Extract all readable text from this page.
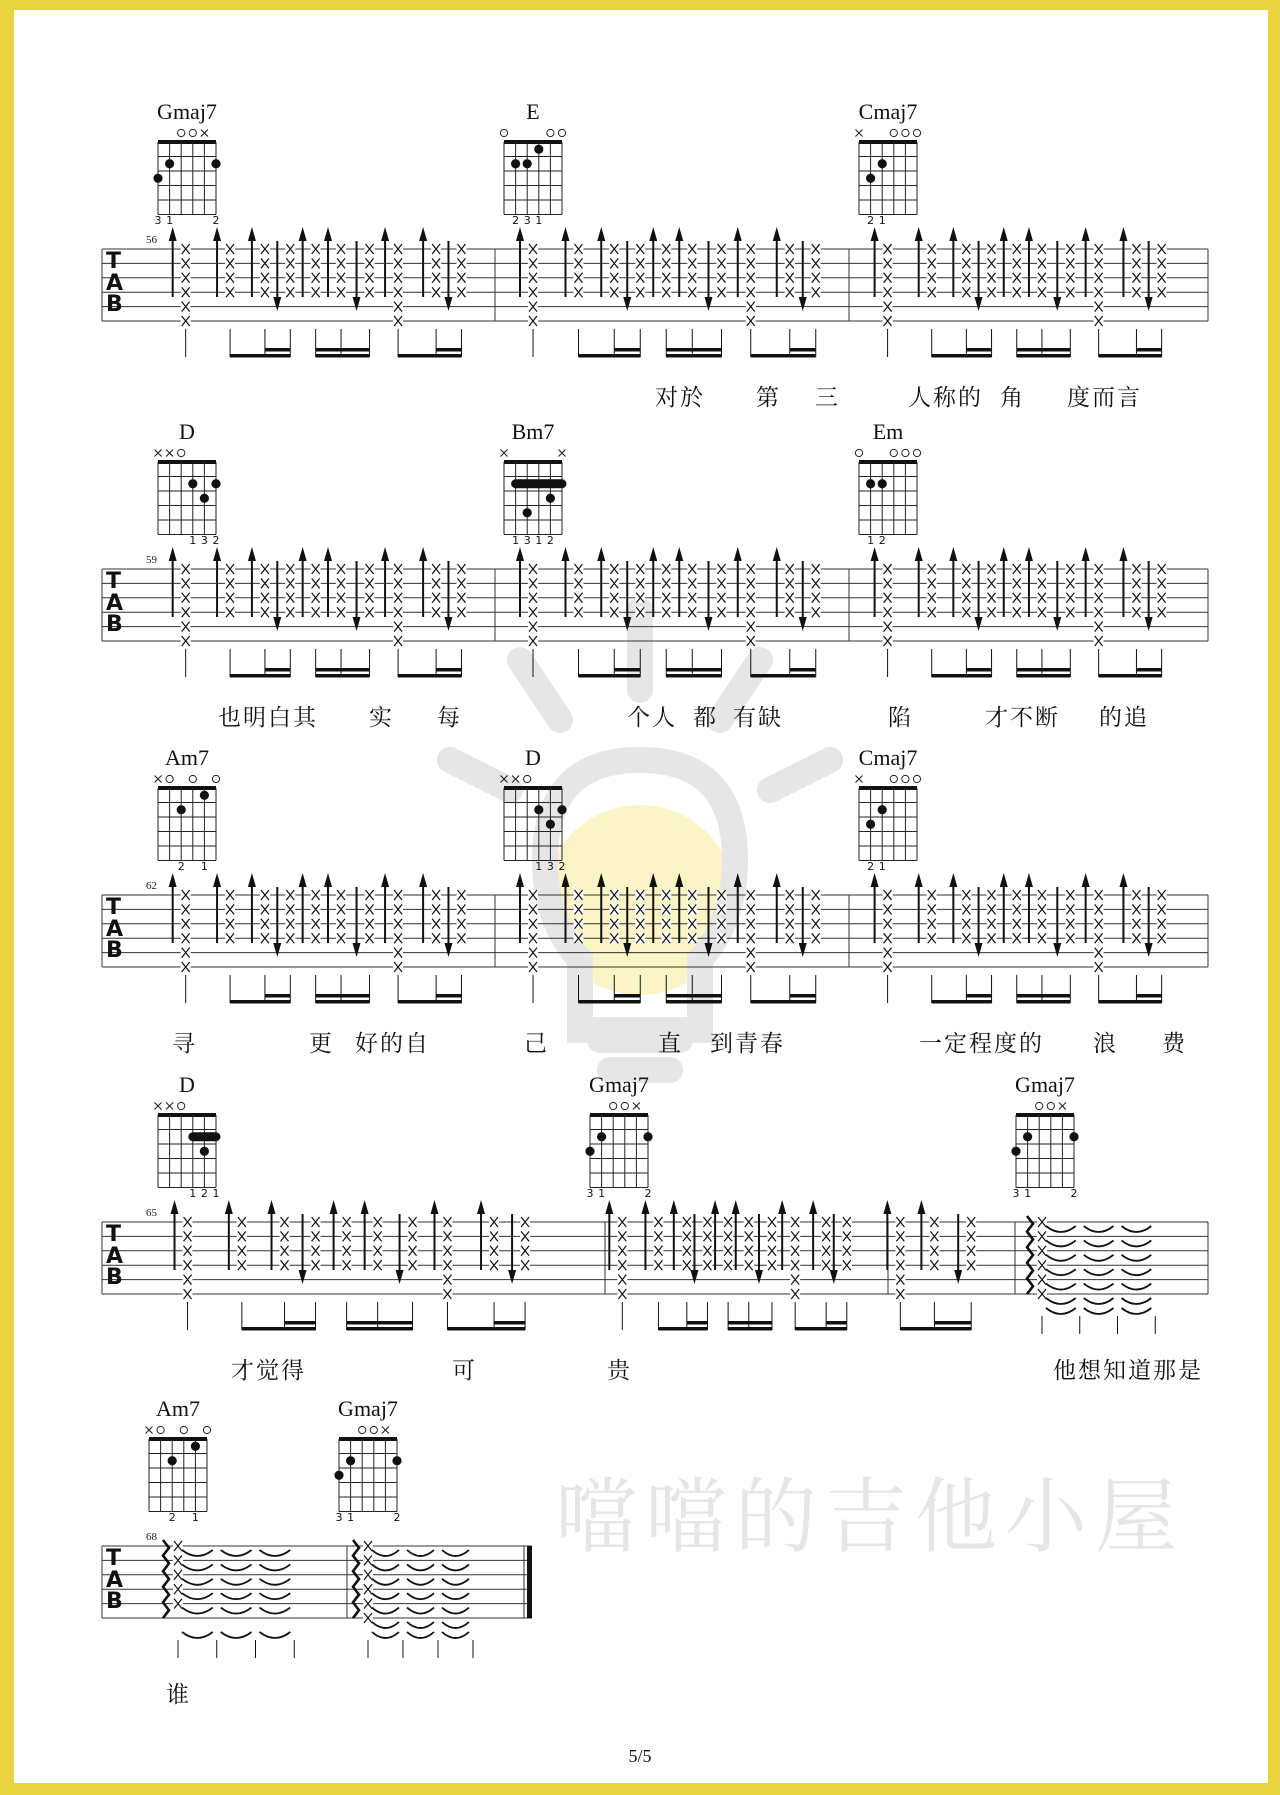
噹噹的吉他小屋
3 1	2	2 3 1	2 1
T
A
B
56
1 3 2	1 3 1 2	1 2
T
A
B
59
2 1	1 3 2	2 1
T
A
B
62
1 2 1	3 1	2	3 1	2
T
A
B
65
2 1	3 1	2
T
A
B
68
Gmaj7	E	Cmaj7
对於 第 三	人称的 角 度而言
D	Bm7	Em
也明白其 实 每	个人 都 有缺	陷	才不断 的追
Am7	D	Cmaj7
寻	更 好的自	己	直 到青春	一定程度的 浪 费
D	Gmaj7	Gmaj7
才觉得	可	贵	他想知道那是
Am7	Gmaj7
谁
5/5
